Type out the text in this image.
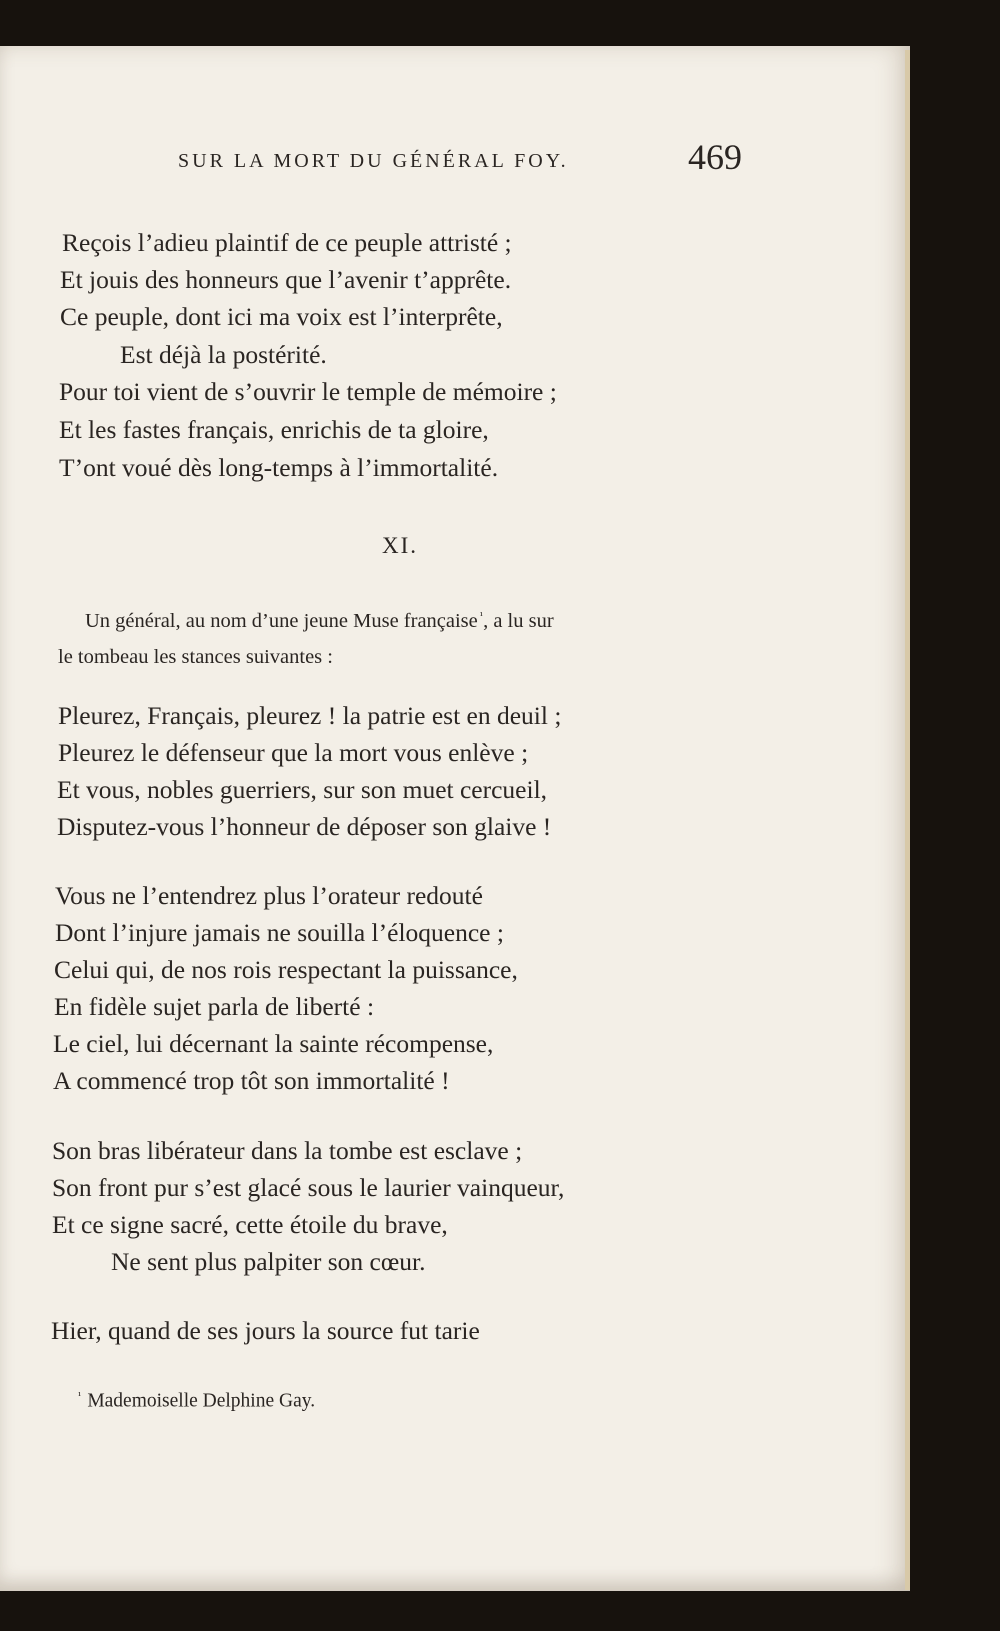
SUR LA MORT DU GÉNÉRAL FOY.	469
Reçois l’adieu plaintif de ce peuple attristé ;
Et jouis des honneurs que l’avenir t’apprête.
Ce peuple, dont ici ma voix est l’interprête,
Est déjà la postérité.
Pour toi vient de s’ouvrir le temple de mémoire ;
Et les fastes français, enrichis de ta gloire,
T’ont voué dès long-temps à l’immortalité.
XI.
Un général, au nom d’une jeune Muse française $^{^1}$, a lu sur
le tombeau les stances suivantes :
Pleurez, Français, pleurez ! la patrie est en deuil ;
Pleurez le défenseur que la mort vous enlève ;
Et vous, nobles guerriers, sur son muet cercueil,
Disputez-vous l’honneur de déposer son glaive !
Vous ne l’entendrez plus l’orateur redouté
Dont l’injure jamais ne souilla l’éloquence ;
Celui qui, de nos rois respectant la puissance,
En fidèle sujet parla de liberté :
Le ciel, lui décernant la sainte récompense,
A commencé trop tôt son immortalité !
Son bras libérateur dans la tombe est esclave ;
Son front pur s’est glacé sous le laurier vainqueur,
Et ce signe sacré, cette étoile du brave,
Ne sent plus palpiter son cœur.
Hier, quand de ses jours la source fut tarie
$^{^1}$ Mademoiselle Delphine Gay.
